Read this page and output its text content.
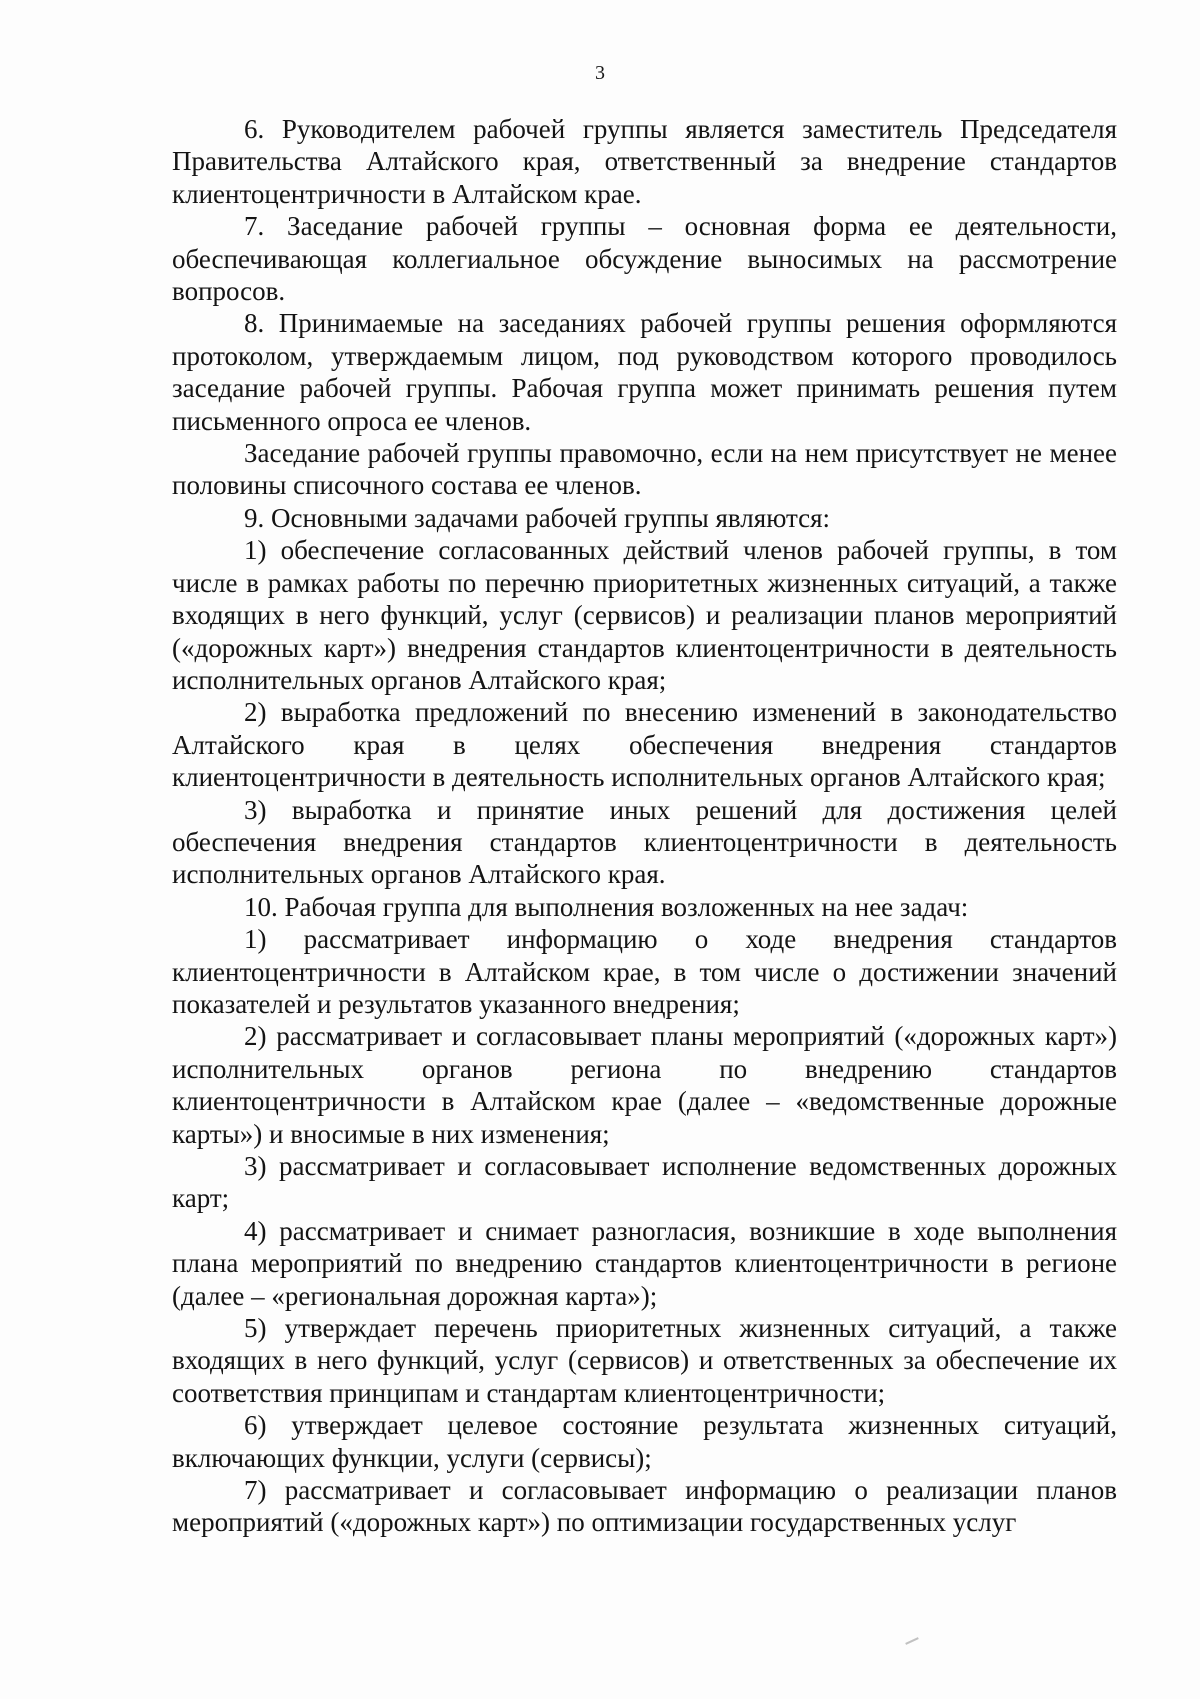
3

6. Руководителем рабочей группы является заместитель Председателя Правительства Алтайского края, ответственный за внедрение стандартов клиентоцентричности в Алтайском крае.

7. Заседание рабочей группы – основная форма ее деятельности, обеспечивающая коллегиальное обсуждение выносимых на рассмотрение вопросов.

8. Принимаемые на заседаниях рабочей группы решения оформляются протоколом, утверждаемым лицом, под руководством которого проводилось заседание рабочей группы. Рабочая группа может принимать решения путем письменного опроса ее членов.

Заседание рабочей группы правомочно, если на нем присутствует не менее половины списочного состава ее членов.

9. Основными задачами рабочей группы являются:

1) обеспечение согласованных действий членов рабочей группы, в том числе в рамках работы по перечню приоритетных жизненных ситуаций, а также входящих в него функций, услуг (сервисов) и реализации планов мероприятий («дорожных карт») внедрения стандартов клиентоцентричности в деятельность исполнительных органов Алтайского края;

2) выработка предложений по внесению изменений в законодательство Алтайского края в целях обеспечения внедрения стандартов клиентоцентричности в деятельность исполнительных органов Алтайского края;

3) выработка и принятие иных решений для достижения целей обеспечения внедрения стандартов клиентоцентричности в деятельность исполнительных органов Алтайского края.

10. Рабочая группа для выполнения возложенных на нее задач:

1) рассматривает информацию о ходе внедрения стандартов клиентоцентричности в Алтайском крае, в том числе о достижении значений показателей и результатов указанного внедрения;

2) рассматривает и согласовывает планы мероприятий («дорожных карт») исполнительных органов региона по внедрению стандартов клиентоцентричности в Алтайском крае (далее – «ведомственные дорожные карты») и вносимые в них изменения;

3) рассматривает и согласовывает исполнение ведомственных дорожных карт;

4) рассматривает и снимает разногласия, возникшие в ходе выполнения плана мероприятий по внедрению стандартов клиентоцентричности в регионе (далее – «региональная дорожная карта»);

5) утверждает перечень приоритетных жизненных ситуаций, а также входящих в него функций, услуг (сервисов) и ответственных за обеспечение их соответствия принципам и стандартам клиентоцентричности;

6) утверждает целевое состояние результата жизненных ситуаций, включающих функции, услуги (сервисы);

7) рассматривает и согласовывает информацию о реализации планов мероприятий («дорожных карт») по оптимизации государственных услуг
